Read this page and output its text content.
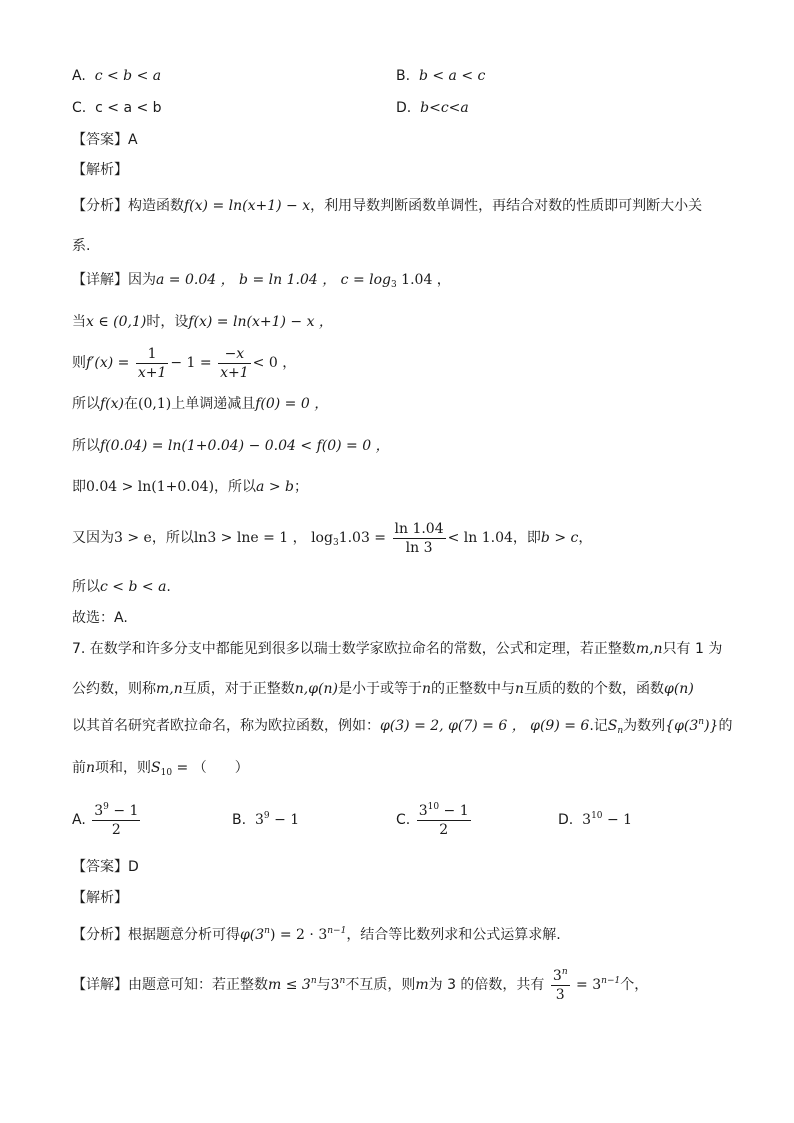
A. c < b < a	B. b < a < c
C. c < a < b	D. b<c<a
【答案】A
【解析】
【分析】构造函数f(x) = ln(x+1) − x，利用导数判断函数单调性，再结合对数的性质即可判断大小关
系.
【详解】因为a = 0.04 ， b = ln 1.04 ， $c = \log_3 1.04$ ，
当x ∈ (0,1)时，设f(x) = ln(x+1) − x ，
则$f'(x) = \frac{1}{x+1} - 1 = \frac{-x}{x+1} < 0$ ，
所以f(x)在(0,1)上单调递减且f(0) = 0 ，
所以f(0.04) = ln(1+0.04) − 0.04 < f(0) = 0 ，
即0.04 > ln(1+0.04)，所以a > b；
又因为3 > e，所以ln3 > lne = 1 ， $\log_31.03 = \frac{\ln 1.04}{\ln 3} < \ln 1.04$，即b > c，
所以c < b < a.
故选：A.
7. 在数学和许多分支中都能见到很多以瑞士数学家欧拉命名的常数，公式和定理，若正整数m,n只有 1 为
公约数，则称m,n互质，对于正整数n,φ(n)是小于或等于n的正整数中与n互质的数的个数，函数φ(n)
以其首名研究者欧拉命名，称为欧拉函数，例如：φ(3) = 2, φ(7) = 6 ， φ(9) = 6.记$S_n$为数列{φ(3$^n$)}的
前n项和，则$S_{10}$ = （　　）
A. $\frac{3^9 - 1}{2}$	B. $3^9 - 1$	C. $\frac{3^{10} - 1}{2}$	D. $3^{10} - 1$
【答案】D
【解析】
【分析】根据题意分析可得$\varphi(3^n) = 2 \cdot 3^{n-1}$，结合等比数列求和公式运算求解.
【详解】由题意可知：若正整数$m \le 3^n$与3$^n$不互质，则m为 3 的倍数，共有 $\frac{3^n}{3} = 3^{n-1}$个，
